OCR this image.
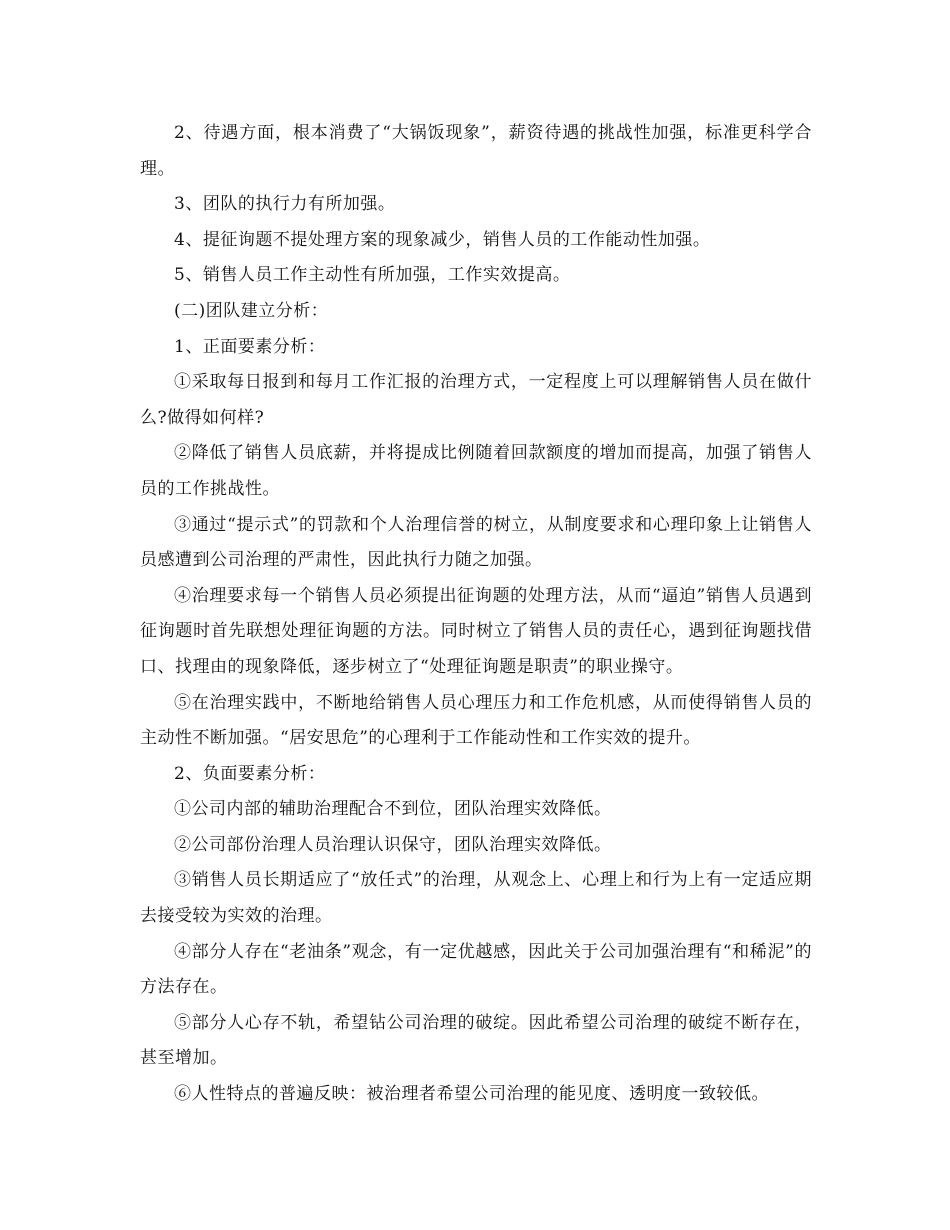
2、待遇方面，根本消费了“大锅饭现象”，薪资待遇的挑战性加强，标准更科学合理。

3、团队的执行力有所加强。

4、提征询题不提处理方案的现象减少，销售人员的工作能动性加强。

5、销售人员工作主动性有所加强，工作实效提高。

(二)团队建立分析：

1、正面要素分析：

①采取每日报到和每月工作汇报的治理方式，一定程度上可以理解销售人员在做什么?做得如何样?

②降低了销售人员底薪，并将提成比例随着回款额度的增加而提高，加强了销售人员的工作挑战性。

③通过“提示式”的罚款和个人治理信誉的树立，从制度要求和心理印象上让销售人员感遭到公司治理的严肃性，因此执行力随之加强。

④治理要求每一个销售人员必须提出征询题的处理方法，从而“逼迫”销售人员遇到征询题时首先联想处理征询题的方法。同时树立了销售人员的责任心，遇到征询题找借口、找理由的现象降低，逐步树立了“处理征询题是职责”的职业操守。

⑤在治理实践中，不断地给销售人员心理压力和工作危机感，从而使得销售人员的主动性不断加强。“居安思危”的心理利于工作能动性和工作实效的提升。

2、负面要素分析：

①公司内部的辅助治理配合不到位，团队治理实效降低。

②公司部份治理人员治理认识保守，团队治理实效降低。

③销售人员长期适应了“放任式”的治理，从观念上、心理上和行为上有一定适应期去接受较为实效的治理。

④部分人存在“老油条”观念，有一定优越感，因此关于公司加强治理有“和稀泥”的方法存在。

⑤部分人心存不轨，希望钻公司治理的破绽。因此希望公司治理的破绽不断存在，甚至增加。

⑥人性特点的普遍反映：被治理者希望公司治理的能见度、透明度一致较低。
